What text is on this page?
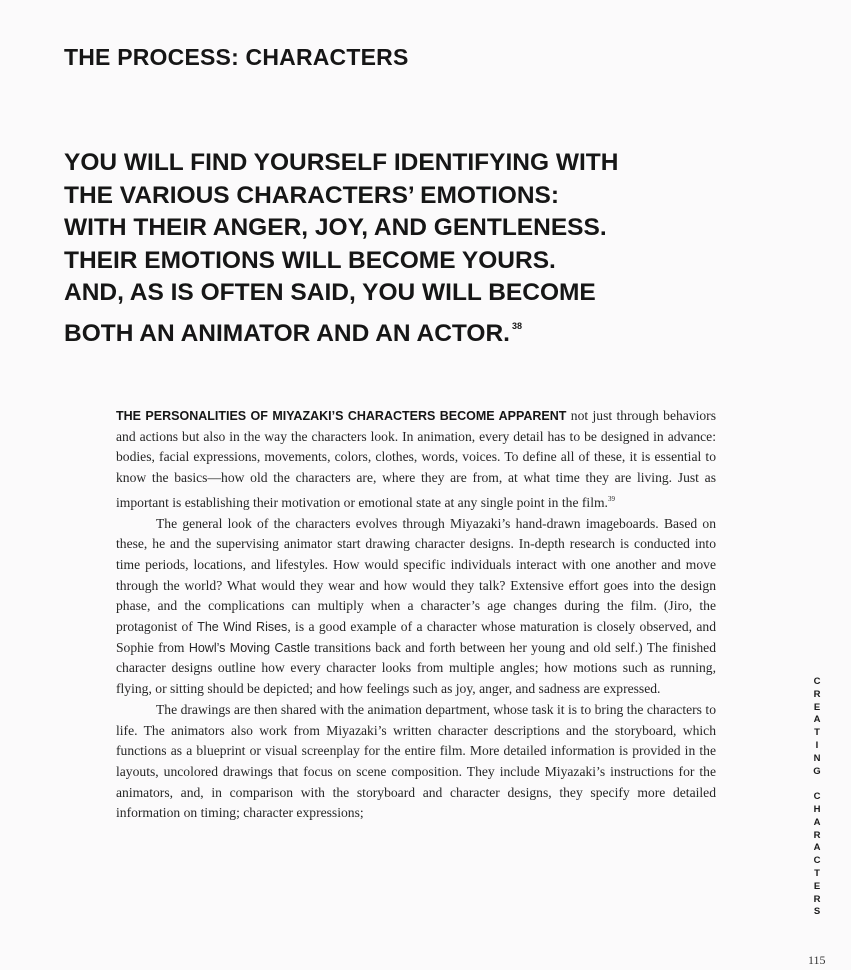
THE PROCESS: CHARACTERS
YOU WILL FIND YOURSELF IDENTIFYING WITH
THE VARIOUS CHARACTERS’ EMOTIONS:
WITH THEIR ANGER, JOY, AND GENTLENESS.
THEIR EMOTIONS WILL BECOME YOURS.
AND, AS IS OFTEN SAID, YOU WILL BECOME
BOTH AN ANIMATOR AND AN ACTOR. $^{38}$

THE PERSONALITIES OF MIYAZAKI’S CHARACTERS BECOME APPARENT not just through behaviors and actions but also in the way the characters look. In animation, every detail has to be designed in advance: bodies, facial expressions, movements, colors, clothes, words, voices. To define all of these, it is essential to know the basics—how old the characters are, where they are from, at what time they are living. Just as important is establishing their motivation or emotional state at any single point in the film.$^{39}$

The general look of the characters evolves through Miyazaki’s hand-drawn imageboards. Based on these, he and the supervising animator start drawing character designs. In-depth research is conducted into time periods, locations, and lifestyles. How would specific individuals interact with one another and move through the world? What would they wear and how would they talk? Extensive effort goes into the design phase, and the complications can multiply when a character’s age changes during the film. (Jiro, the protagonist of The Wind Rises, is a good example of a character whose maturation is closely observed, and Sophie from Howl’s Moving Castle transitions back and forth between her young and old self.) The finished character designs outline how every character looks from multiple angles; how motions such as running, flying, or sitting should be depicted; and how feelings such as joy, anger, and sadness are expressed.

The drawings are then shared with the animation department, whose task it is to bring the characters to life. The animators also work from Miyazaki’s written character descriptions and the storyboard, which functions as a blueprint or visual screenplay for the entire film. More detailed information is provided in the layouts, uncolored drawings that focus on scene composition. They include Miyazaki’s instructions for the animators, and, in comparison with the storyboard and character designs, they specify more detailed information on timing; character expressions;

C
R
E
A
T
I
N
G
C
H
A
R
A
C
T
E
R
S
115
